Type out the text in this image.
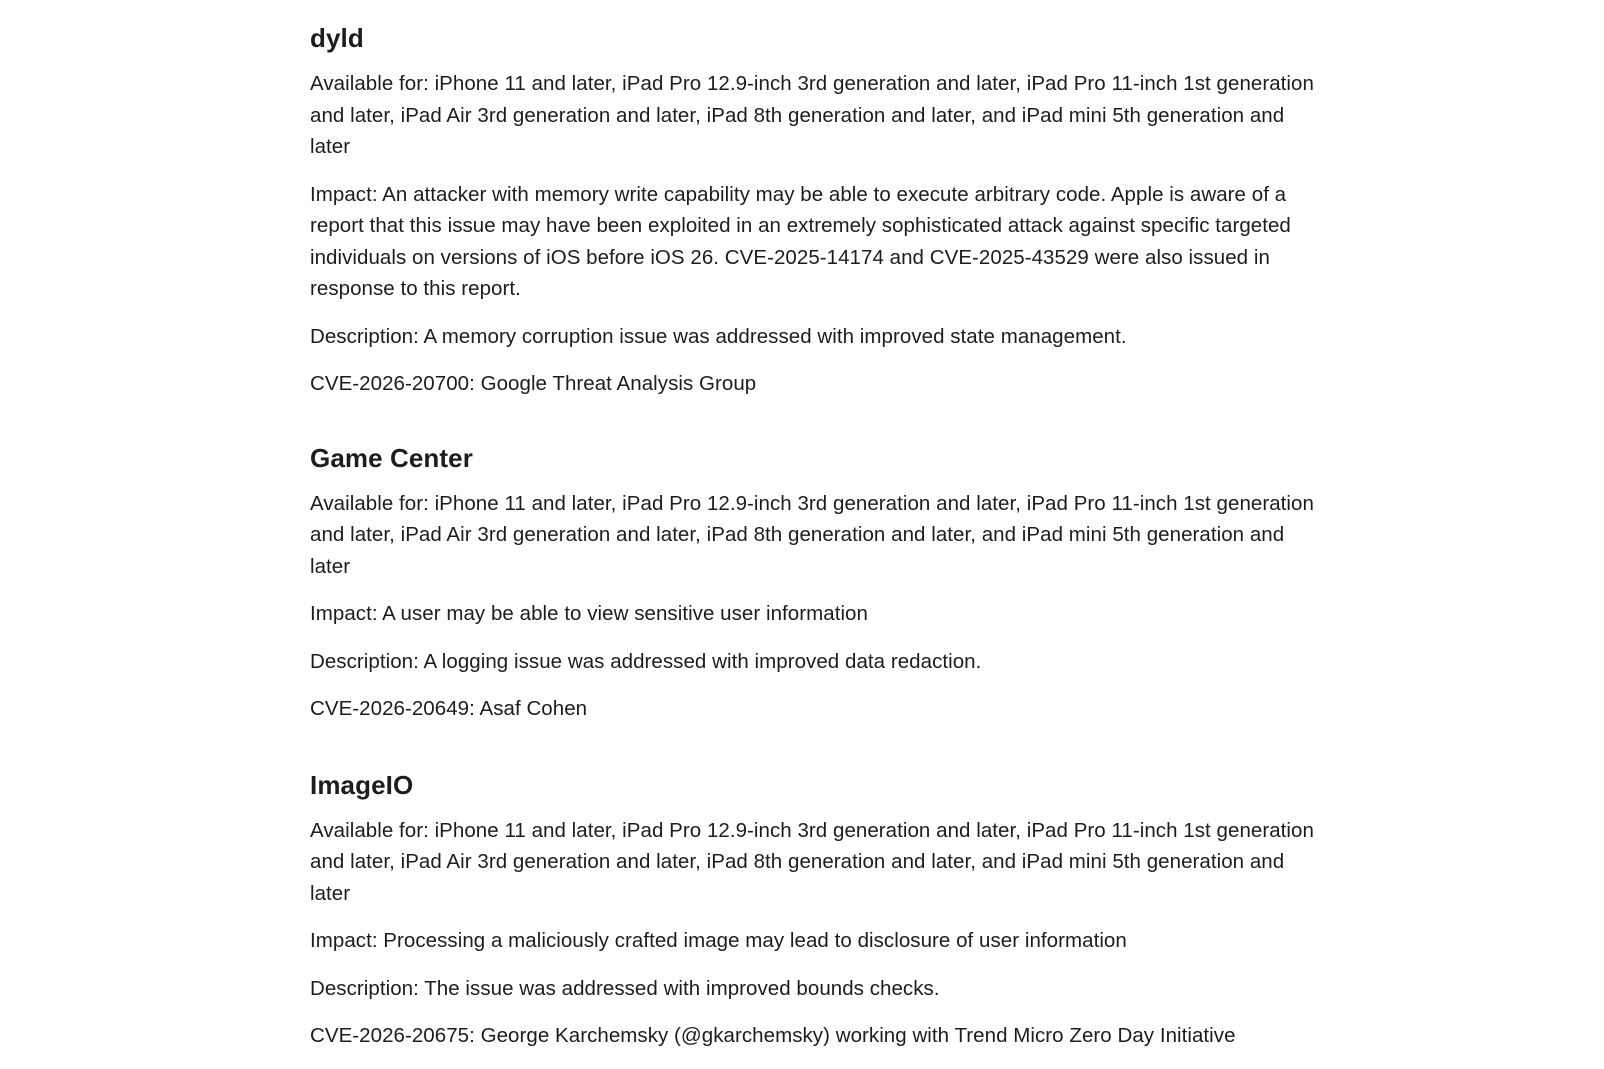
dyld

Available for: iPhone 11 and later, iPad Pro 12.9-inch 3rd generation and later, iPad Pro 11-inch 1st generation and later, iPad Air 3rd generation and later, iPad 8th generation and later, and iPad mini 5th generation and later

Impact: An attacker with memory write capability may be able to execute arbitrary code. Apple is aware of a report that this issue may have been exploited in an extremely sophisticated attack against specific targeted individuals on versions of iOS before iOS 26. CVE-2025-14174 and CVE-2025-43529 were also issued in response to this report.

Description: A memory corruption issue was addressed with improved state management.

CVE-2026-20700: Google Threat Analysis Group

Game Center

Available for: iPhone 11 and later, iPad Pro 12.9-inch 3rd generation and later, iPad Pro 11-inch 1st generation and later, iPad Air 3rd generation and later, iPad 8th generation and later, and iPad mini 5th generation and later

Impact: A user may be able to view sensitive user information

Description: A logging issue was addressed with improved data redaction.

CVE-2026-20649: Asaf Cohen

ImageIO

Available for: iPhone 11 and later, iPad Pro 12.9-inch 3rd generation and later, iPad Pro 11-inch 1st generation and later, iPad Air 3rd generation and later, iPad 8th generation and later, and iPad mini 5th generation and later

Impact: Processing a maliciously crafted image may lead to disclosure of user information

Description: The issue was addressed with improved bounds checks.

CVE-2026-20675: George Karchemsky (@gkarchemsky) working with Trend Micro Zero Day Initiative
